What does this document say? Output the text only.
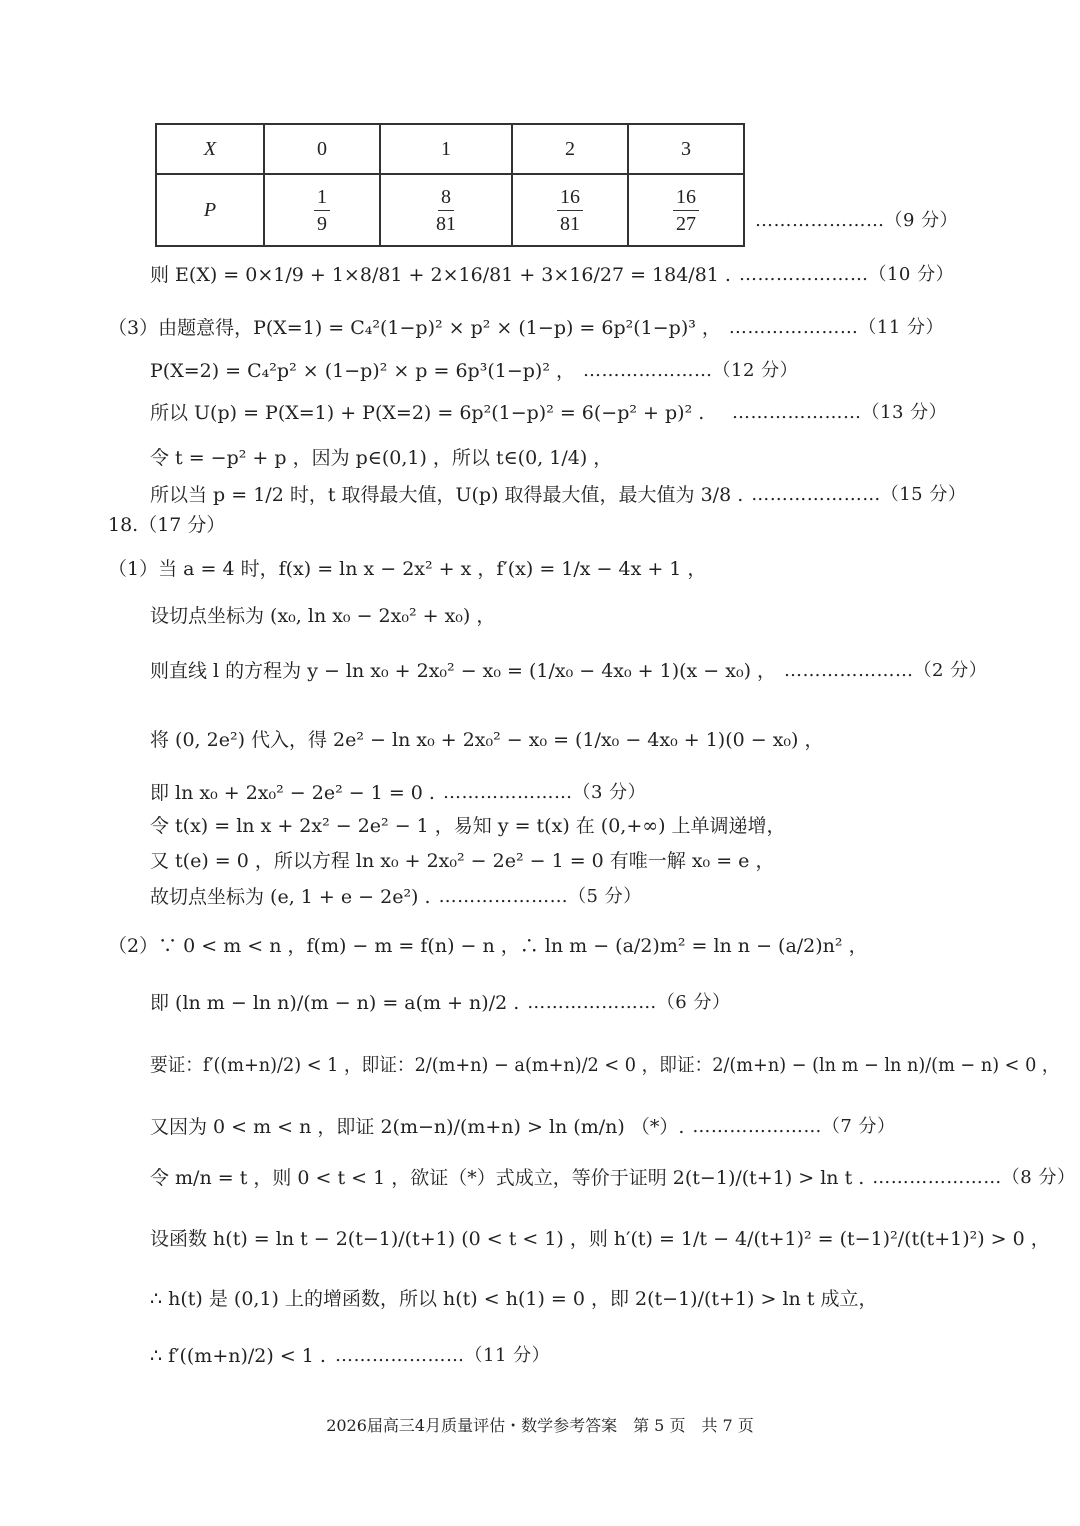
X	0	1	2	3
P	$\frac{1}{9}$	$\frac{8}{81}$	$\frac{16}{81}$	$\frac{16}{27}$	…………………（9 分）
则 E(X) = 0×1/9 + 1×8/81 + 2×16/81 + 3×16/27 = 184/81 . …………………（10 分）
（3）由题意得，P(X=1) = C₄²(1−p)² × p² × (1−p) = 6p²(1−p)³ ， …………………（11 分）
P(X=2) = C₄²p² × (1−p)² × p = 6p³(1−p)² ， …………………（12 分）
所以 U(p) = P(X=1) + P(X=2) = 6p²(1−p)² = 6(−p² + p)² . …………………（13 分）
令 t = −p² + p ，因为 p∈(0,1) ，所以 t∈(0, 1/4) ，
所以当 p = 1/2 时，t 取得最大值，U(p) 取得最大值，最大值为 3/8 . …………………（15 分）
18.（17 分）
（1）当 a = 4 时，f(x) = ln x − 2x² + x ，f′(x) = 1/x − 4x + 1 ，
设切点坐标为 (x₀, ln x₀ − 2x₀² + x₀) ，
则直线 l 的方程为 y − ln x₀ + 2x₀² − x₀ = (1/x₀ − 4x₀ + 1)(x − x₀) ， …………………（2 分）
将 (0, 2e²) 代入，得 2e² − ln x₀ + 2x₀² − x₀ = (1/x₀ − 4x₀ + 1)(0 − x₀) ，
即 ln x₀ + 2x₀² − 2e² − 1 = 0 . …………………（3 分）
令 t(x) = ln x + 2x² − 2e² − 1 ，易知 y = t(x) 在 (0,+∞) 上单调递增，
又 t(e) = 0 ，所以方程 ln x₀ + 2x₀² − 2e² − 1 = 0 有唯一解 x₀ = e ，
故切点坐标为 (e, 1 + e − 2e²) . …………………（5 分）
（2）∵ 0 < m < n ，f(m) − m = f(n) − n ，∴ ln m − (a/2)m² = ln n − (a/2)n² ，
即 (ln m − ln n)/(m − n) = a(m + n)/2 . …………………（6 分）
要证：f′((m+n)/2) < 1 ，即证：2/(m+n) − a(m+n)/2 < 0 ，即证：2/(m+n) − (ln m − ln n)/(m − n) < 0 ，
又因为 0 < m < n ，即证 2(m−n)/(m+n) > ln (m/n) （*）. …………………（7 分）
令 m/n = t ，则 0 < t < 1 ，欲证（*）式成立，等价于证明 2(t−1)/(t+1) > ln t . …………………（8 分）
设函数 h(t) = ln t − 2(t−1)/(t+1) (0 < t < 1) ，则 h′(t) = 1/t − 4/(t+1)² = (t−1)²/(t(t+1)²) > 0 ，
∴ h(t) 是 (0,1) 上的增函数，所以 h(t) < h(1) = 0 ，即 2(t−1)/(t+1) > ln t 成立，
∴ f′((m+n)/2) < 1 . …………………（11 分）
2026届高三4月质量评估・数学参考答案　第 5 页　共 7 页
